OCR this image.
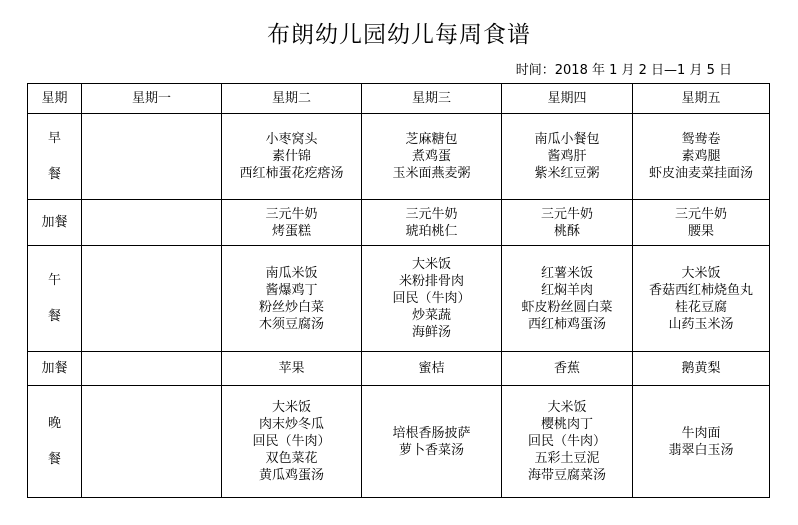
布朗幼儿园幼儿每周食谱
时间：2018 年 1 月 2 日—1 月 5 日
星期	星期一	星期二	星期三	星期四	星期五

早
餐		小枣窝头
素什锦
西红柿蛋花疙瘩汤	芝麻糖包
煮鸡蛋
玉米面燕麦粥	南瓜小餐包
酱鸡肝
紫米红豆粥	鸳鸯卷
素鸡腿
虾皮油麦菜挂面汤

加餐		三元牛奶
烤蛋糕	三元牛奶
琥珀桃仁	三元牛奶
桃酥	三元牛奶
腰果

午
餐		南瓜米饭
酱爆鸡丁
粉丝炒白菜
木须豆腐汤	大米饭
米粉排骨肉
回民（牛肉）
炒菜蔬
海鲜汤	红薯米饭
红焖羊肉
虾皮粉丝圆白菜
西红柿鸡蛋汤	大米饭
香菇西红柿烧鱼丸
桂花豆腐
山药玉米汤

加餐		苹果	蜜桔	香蕉	鹅黄梨

晚
餐		大米饭
肉末炒冬瓜
回民（牛肉）
双色菜花
黄瓜鸡蛋汤	培根香肠披萨
萝卜香菜汤	大米饭
樱桃肉丁
回民（牛肉）
五彩土豆泥
海带豆腐菜汤	牛肉面
翡翠白玉汤
